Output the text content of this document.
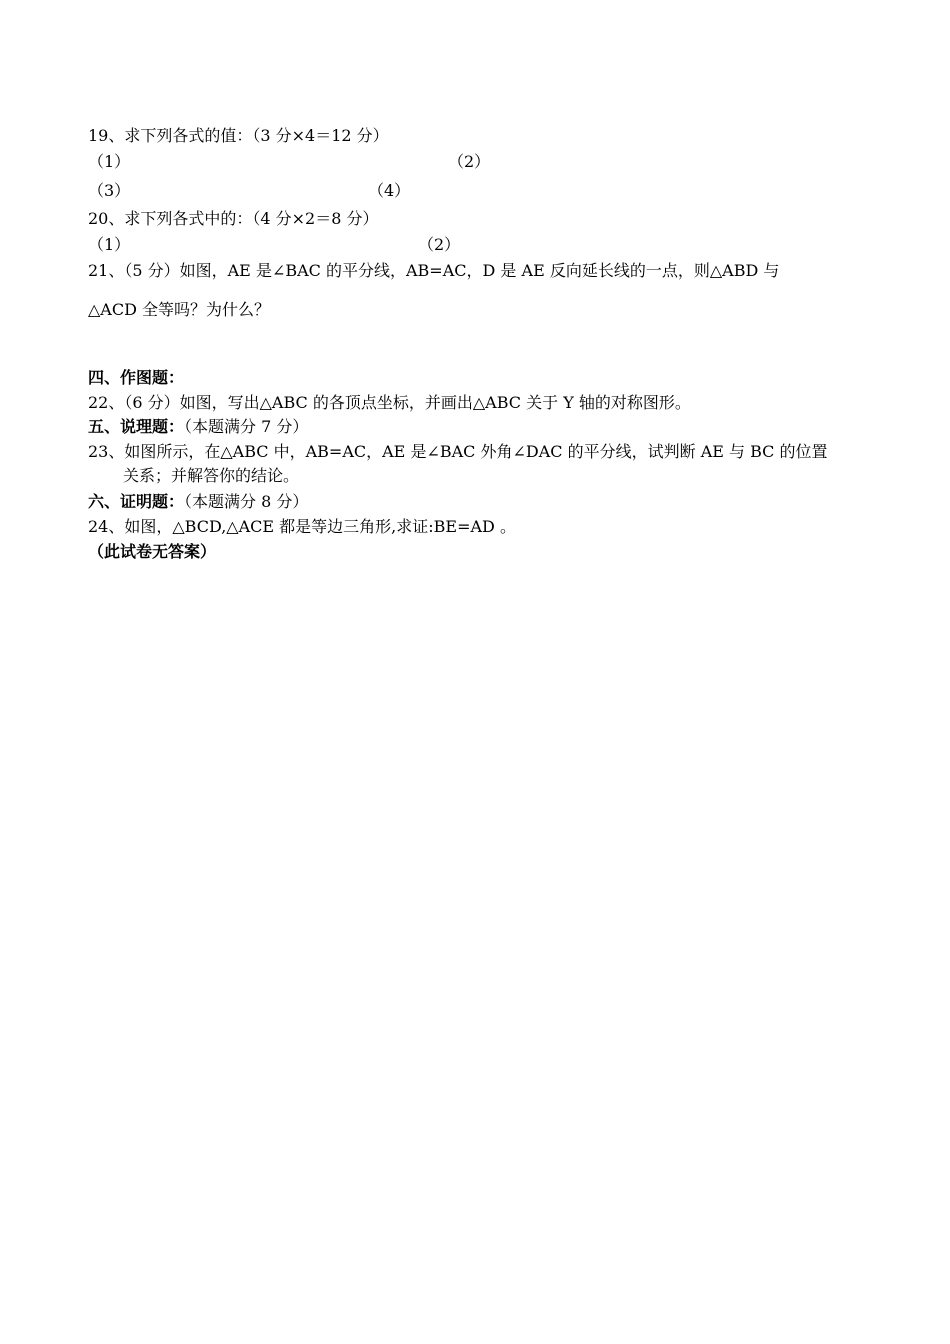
19、求下列各式的值：（3 分×4＝12 分）
（1）	（2）
（3）	（4）
20、求下列各式中的：（4 分×2＝8 分）
（1）	（2）
21、（5 分）如图，AE 是∠BAC 的平分线，AB=AC，D 是 AE 反向延长线的一点，则△ABD 与
△ACD 全等吗？为什么？
四、作图题：
22、（6 分）如图，写出△ABC 的各顶点坐标，并画出△ABC 关于 Y 轴的对称图形。
五、说理题：（本题满分 7 分）
23、如图所示，在△ABC 中，AB=AC，AE 是∠BAC 外角∠DAC 的平分线，试判断 AE 与 BC 的位置
关系；并解答你的结论。
六、证明题：（本题满分 8 分）
24、如图，△BCD,△ACE 都是等边三角形,求证:BE=AD 。
（此试卷无答案）
